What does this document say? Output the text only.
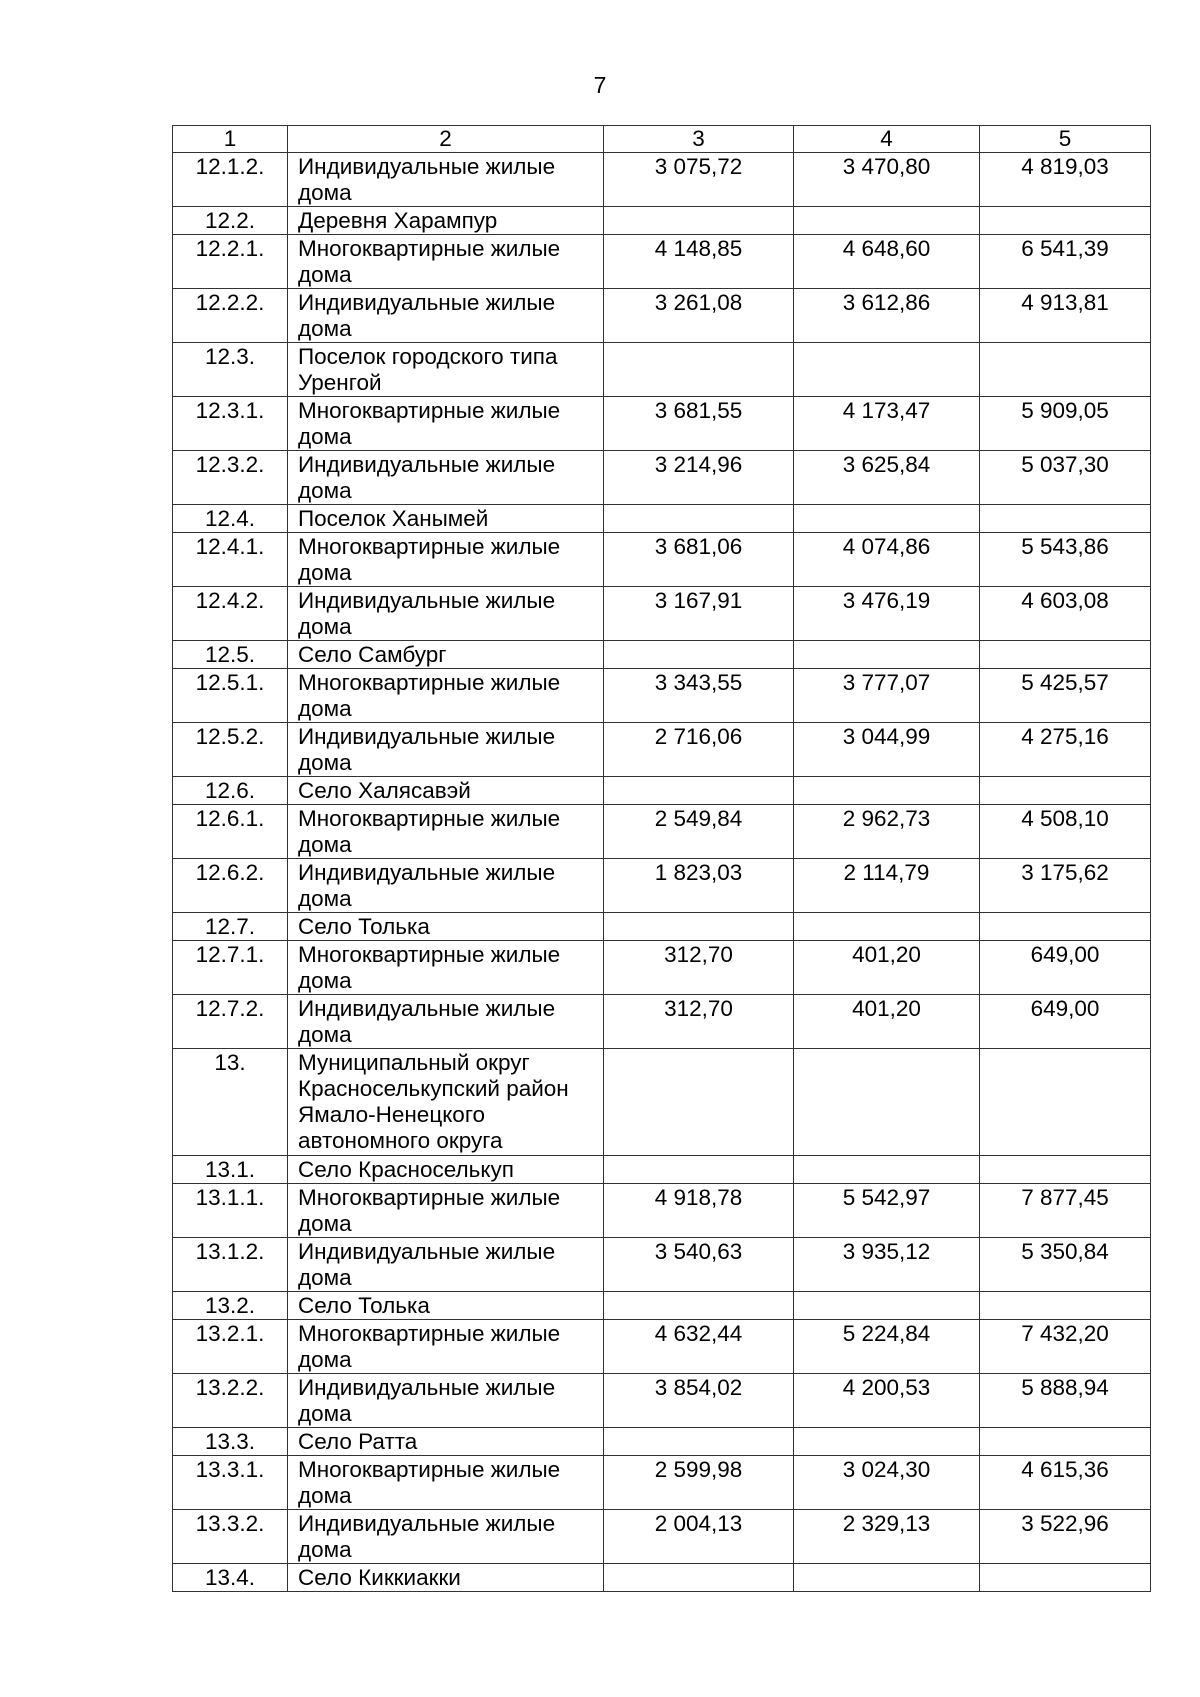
7
1	2	3	4	5
12.1.2.	Индивидуальные жилые дома	3 075,72	3 470,80	4 819,03
12.2.	Деревня Харампур			
12.2.1.	Многоквартирные жилые дома	4 148,85	4 648,60	6 541,39
12.2.2.	Индивидуальные жилые дома	3 261,08	3 612,86	4 913,81
12.3.	Поселок городского типа Уренгой			
12.3.1.	Многоквартирные жилые дома	3 681,55	4 173,47	5 909,05
12.3.2.	Индивидуальные жилые дома	3 214,96	3 625,84	5 037,30
12.4.	Поселок Ханымей			
12.4.1.	Многоквартирные жилые дома	3 681,06	4 074,86	5 543,86
12.4.2.	Индивидуальные жилые дома	3 167,91	3 476,19	4 603,08
12.5.	Село Самбург			
12.5.1.	Многоквартирные жилые дома	3 343,55	3 777,07	5 425,57
12.5.2.	Индивидуальные жилые дома	2 716,06	3 044,99	4 275,16
12.6.	Село Халясавэй			
12.6.1.	Многоквартирные жилые дома	2 549,84	2 962,73	4 508,10
12.6.2.	Индивидуальные жилые дома	1 823,03	2 114,79	3 175,62
12.7.	Село Толька			
12.7.1.	Многоквартирные жилые дома	312,70	401,20	649,00
12.7.2.	Индивидуальные жилые дома	312,70	401,20	649,00
13.	Муниципальный округ Красноселькупский район Ямало-Ненецкого автономного округа			
13.1.	Село Красноселькуп			
13.1.1.	Многоквартирные жилые дома	4 918,78	5 542,97	7 877,45
13.1.2.	Индивидуальные жилые дома	3 540,63	3 935,12	5 350,84
13.2.	Село Толька			
13.2.1.	Многоквартирные жилые дома	4 632,44	5 224,84	7 432,20
13.2.2.	Индивидуальные жилые дома	3 854,02	4 200,53	5 888,94
13.3.	Село Ратта			
13.3.1.	Многоквартирные жилые дома	2 599,98	3 024,30	4 615,36
13.3.2.	Индивидуальные жилые дома	2 004,13	2 329,13	3 522,96
13.4.	Село Киккиакки			
